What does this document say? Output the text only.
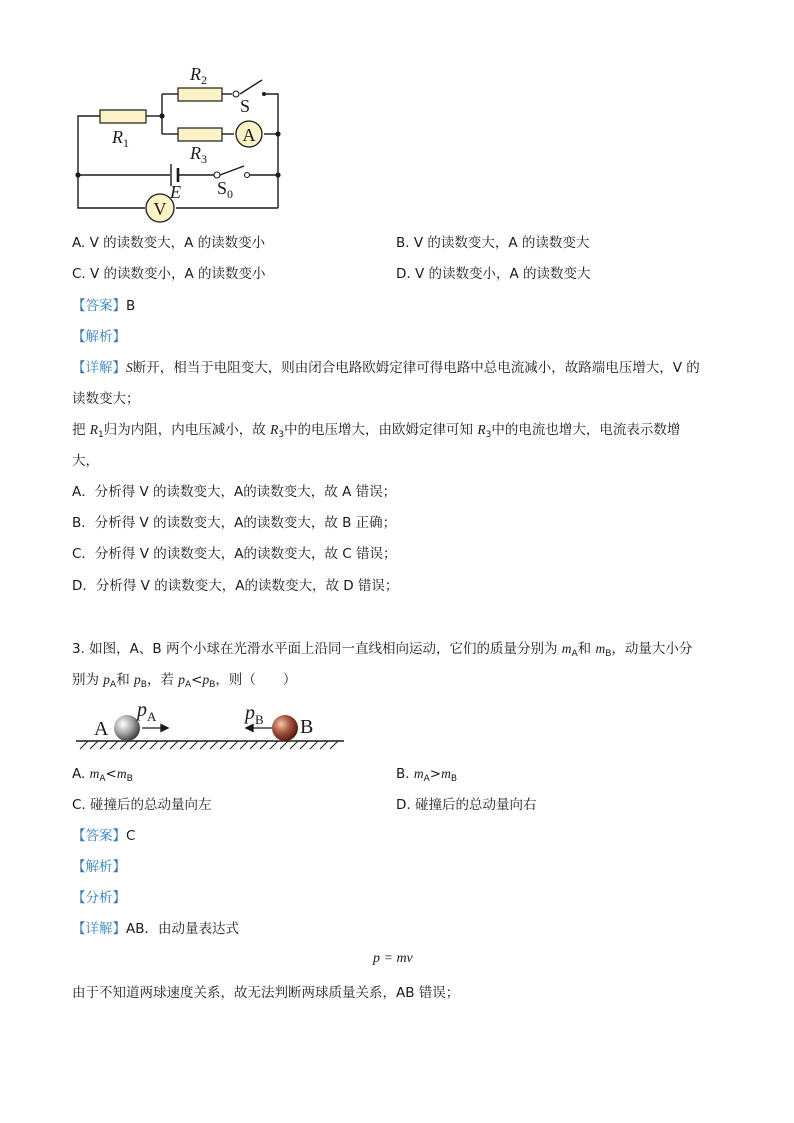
A
V
$R_2$
$R_1$	$R_3$
S
E $S_0$
A	B
$p_A$	$p_B$
A. V 的读数变大，A 的读数变小	B. V 的读数变大，A 的读数变大
C. V 的读数变小，A 的读数变小	D. V 的读数变小，A 的读数变大
【答案】B
【解析】
【详解】S断开，相当于电阻变大，则由闭合电路欧姆定律可得电路中总电流减小，故路端电压增大，V 的
读数变大；
把 $R_1$归为内阻，内电压减小，故 $R_3$中的电压增大，由欧姆定律可知 $R_3$中的电流也增大，电流表示数增
大，
A．分析得 V 的读数变大，A的读数变大，故 A 错误；
B．分析得 V 的读数变大，A的读数变大，故 B 正确；
C．分析得 V 的读数变大，A的读数变大，故 C 错误；
D．分析得 V 的读数变大，A的读数变大，故 D 错误；
3. 如图，A、B 两个小球在光滑水平面上沿同一直线相向运动，它们的质量分别为 $m_A$和 $m_B$，动量大小分
别为 $p_A$和 $p_B$，若 $p_A<p_B$，则（　　）
A. $m_A<m_B$	B. $m_A>m_B$
C. 碰撞后的总动量向左	D. 碰撞后的总动量向右
【答案】C
【解析】
【分析】
【详解】AB．由动量表达式
p = mv
由于不知道两球速度关系，故无法判断两球质量关系，AB 错误；
